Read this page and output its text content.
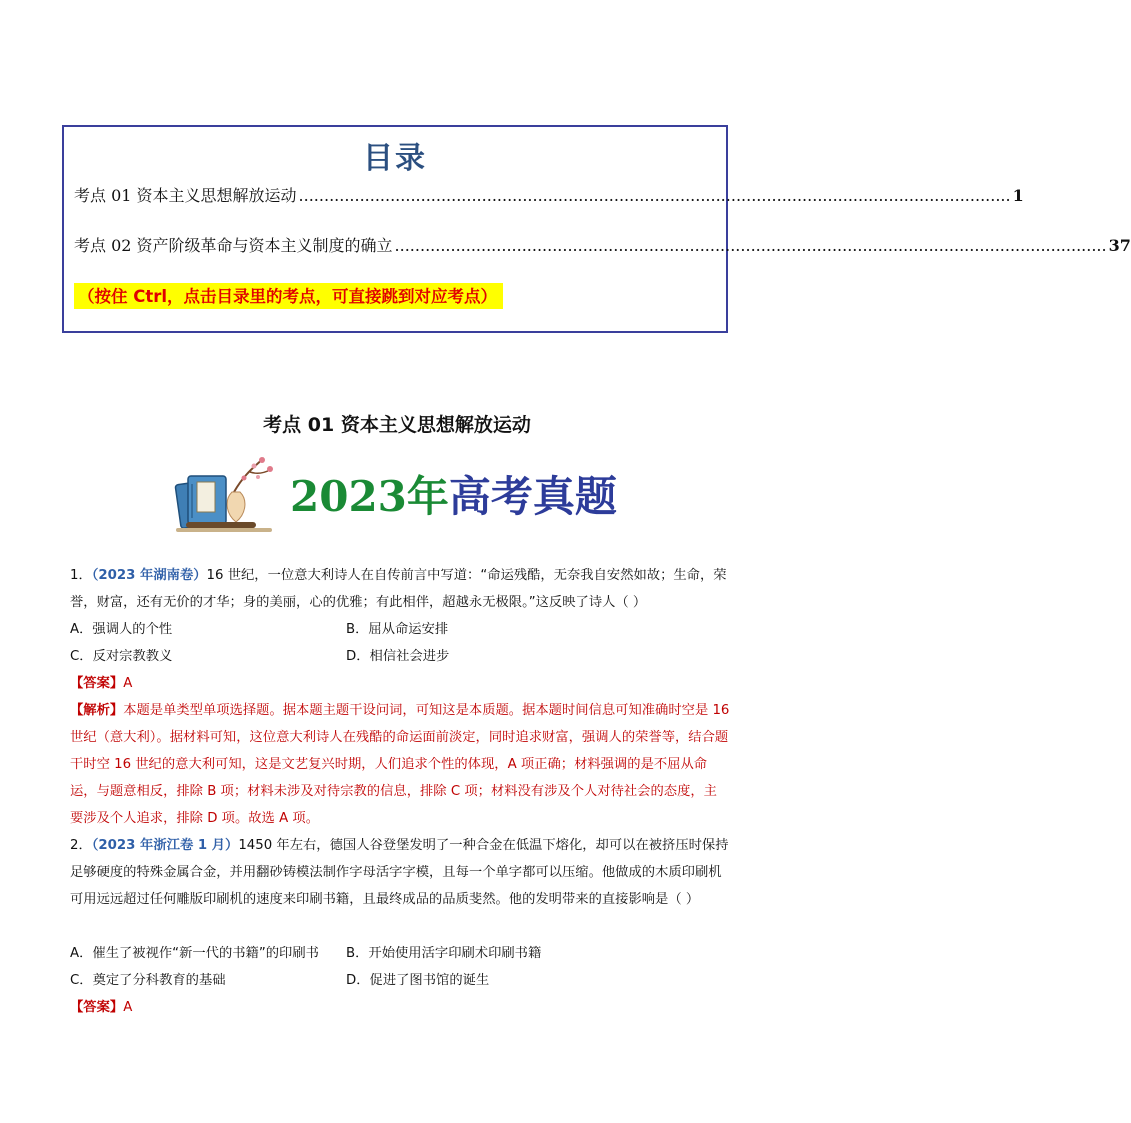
目录
考点 01 资本主义思想解放运动 ............................................................................................................................................ 1
考点 02 资产阶级革命与资本主义制度的确立 ............................................................................................................................................ 37
（按住 Ctrl，点击目录里的考点，可直接跳到对应考点）
考点 01 资本主义思想解放运动
2023年高考真题
1．（2023 年湖南卷）16 世纪，一位意大利诗人在自传前言中写道：“命运残酷，无奈我自安然如故；生命，荣誉，财富，还有无价的才华；身的美丽，心的优雅；有此相伴，超越永无极限。”这反映了诗人（ ）
A．强调人的个性	B．屈从命运安排
C．反对宗教教义	D．相信社会进步
【答案】A
【解析】本题是单类型单项选择题。据本题主题干设问词，可知这是本质题。据本题时间信息可知准确时空是 16 世纪（意大利）。据材料可知，这位意大利诗人在残酷的命运面前淡定，同时追求财富，强调人的荣誉等，结合题干时空 16 世纪的意大利可知，这是文艺复兴时期，人们追求个性的体现，A 项正确；材料强调的是不屈从命运，与题意相反，排除 B 项；材料未涉及对待宗教的信息，排除 C 项；材料没有涉及个人对待社会的态度，主要涉及个人追求，排除 D 项。故选 A 项。
2．（2023 年浙江卷 1 月）1450 年左右，德国人谷登堡发明了一种合金在低温下熔化，却可以在被挤压时保持足够硬度的特殊金属合金，并用翻砂铸模法制作字母活字字模，且每一个单字都可以压缩。他做成的木质印刷机可用远远超过任何雕版印刷机的速度来印刷书籍，且最终成品的品质斐然。他的发明带来的直接影响是（ ）
A．催生了被视作“新一代的书籍”的印刷书 B．开始使用活字印刷术印刷书籍
C．奠定了分科教育的基础	D．促进了图书馆的诞生
【答案】A
